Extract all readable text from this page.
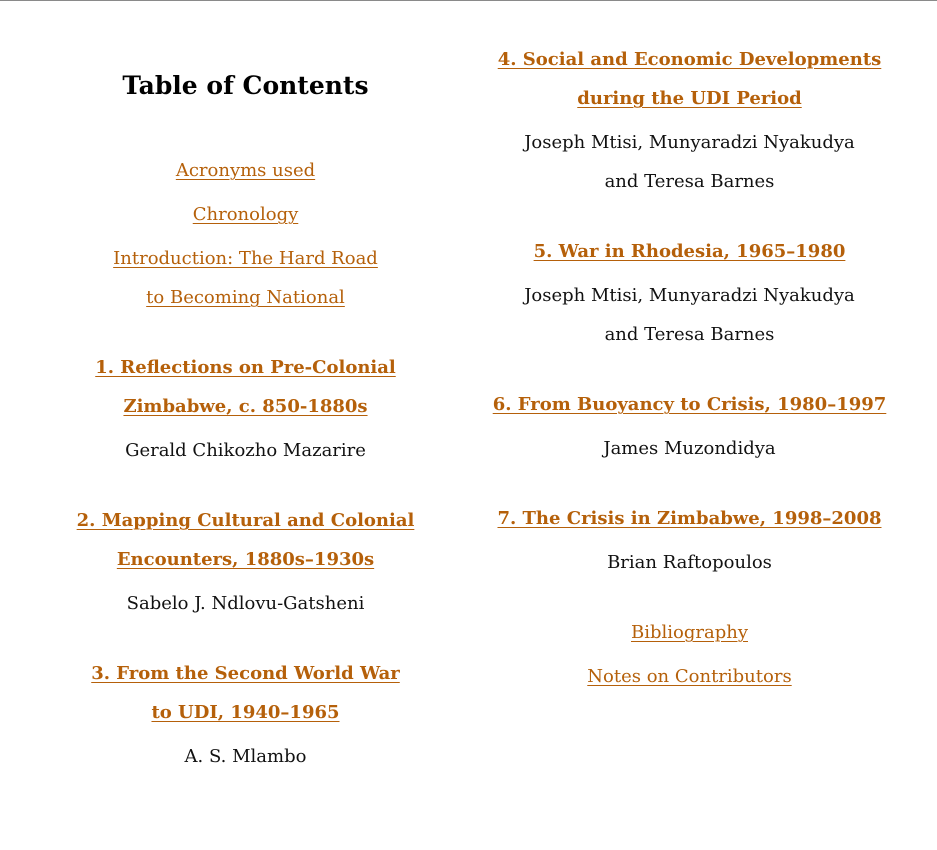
Table of Contents
Acronyms used
Chronology
Introduction: The Hard Road
to Becoming National
1. Reflections on Pre-Colonial
Zimbabwe, c. 850-1880s
Gerald Chikozho Mazarire
2. Mapping Cultural and Colonial
Encounters, 1880s–1930s
Sabelo J. Ndlovu-Gatsheni
3. From the Second World War
to UDI, 1940–1965
A. S. Mlambo
4. Social and Economic Developments
during the UDI Period
Joseph Mtisi, Munyaradzi Nyakudya
and Teresa Barnes
5. War in Rhodesia, 1965–1980
Joseph Mtisi, Munyaradzi Nyakudya
and Teresa Barnes
6. From Buoyancy to Crisis, 1980–1997
James Muzondidya
7. The Crisis in Zimbabwe, 1998–2008
Brian Raftopoulos
Bibliography
Notes on Contributors
